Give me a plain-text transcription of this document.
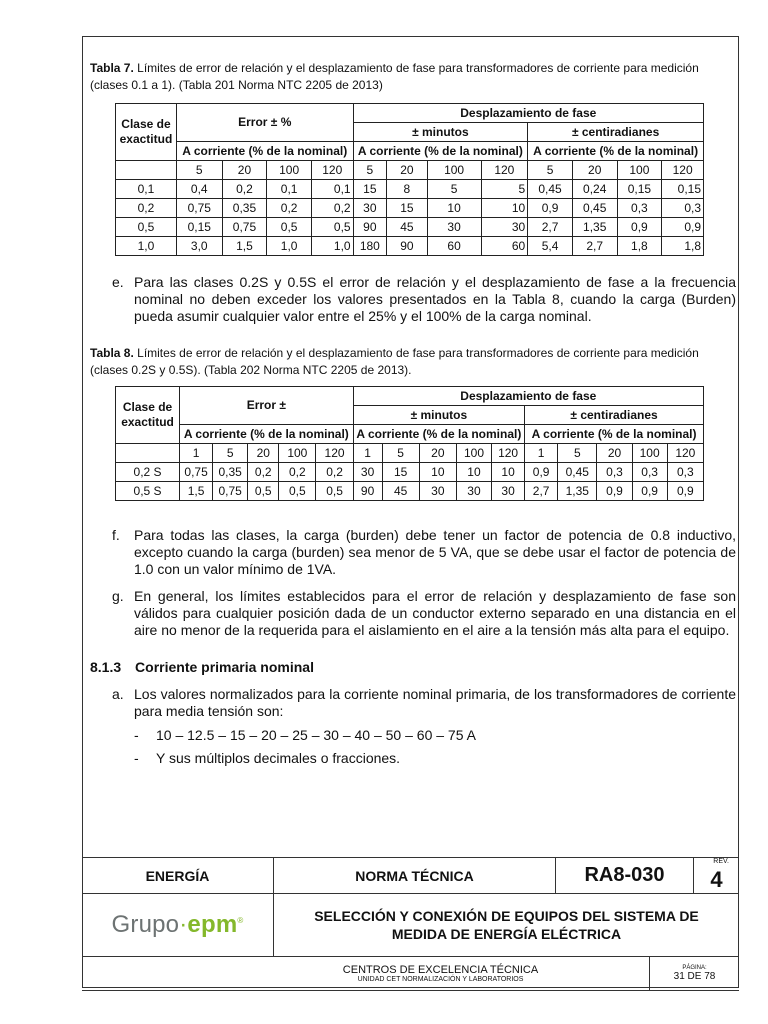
Tabla 7. Límites de error de relación y el desplazamiento de fase para transformadores de corriente para medición (clases 0.1 a 1). (Tabla 201 Norma NTC 2205 de 2013)
Clase de exactitud	Error ± %				Desplazamiento de fase							
					± minutos				± centiradianes			
	A corriente (% de la nominal)				A corriente (% de la nominal)				A corriente (% de la nominal)			
	5	20	100	120	5	20	100	120	5	20	100	120
0,1	0,4	0,2	0,1	0,1	15	8	5	5	0,45	0,24	0,15	0,15
0,2	0,75	0,35	0,2	0,2	30	15	10	10	0,9	0,45	0,3	0,3
0,5	0,15	0,75	0,5	0,5	90	45	30	30	2,7	1,35	0,9	0,9
1,0	3,0	1,5	1,0	1,0	180	90	60	60	5,4	2,7	1,8	1,8

e. Para las clases 0.2S y 0.5S el error de relación y el desplazamiento de fase a la frecuencia nominal no deben exceder los valores presentados en la Tabla 8, cuando la carga (Burden) pueda asumir cualquier valor entre el 25% y el 100% de la carga nominal.

Tabla 8. Límites de error de relación y el desplazamiento de fase para transformadores de corriente para medición (clases 0.2S y 0.5S). (Tabla 202 Norma NTC 2205 de 2013).
Clase de exactitud	Error ±					Desplazamiento de fase									
						± minutos					± centiradianes				
	A corriente (% de la nominal)					A corriente (% de la nominal)					A corriente (% de la nominal)				
	1	5	20	100	120	1	5	20	100	120	1	5	20	100	120
0,2 S	0,75	0,35	0,2	0,2	0,2	30	15	10	10	10	0,9	0,45	0,3	0,3	0,3
0,5 S	1,5	0,75	0,5	0,5	0,5	90	45	30	30	30	2,7	1,35	0,9	0,9	0,9

f. Para todas las clases, la carga (burden) debe tener un factor de potencia de 0.8 inductivo, excepto cuando la carga (burden) sea menor de 5 VA, que se debe usar el factor de potencia de 1.0 con un valor mínimo de 1VA.

g. En general, los límites establecidos para el error de relación y desplazamiento de fase son válidos para cualquier posición dada de un conductor externo separado en una distancia en el aire no menor de la requerida para el aislamiento en el aire a la tensión más alta para el equipo.

8.1.3 Corriente primaria nominal

a. Los valores normalizados para la corriente nominal primaria, de los transformadores de corriente para media tensión son:

- 10 – 12.5 – 15 – 20 – 25 – 30 – 40 – 50 – 60 – 75 A
- Y sus múltiplos decimales o fracciones.
ENERGÍA	NORMA TÉCNICA	RA8-030
REV.
4
Grupo·epm®	SELECCIÓN Y CONEXIÓN DE EQUIPOS DEL SISTEMA DE MEDIDA DE ENERGÍA ELÉCTRICA
CENTROS DE EXCELENCIA TÉCNICA
UNIDAD CET NORMALIZACIÓN Y LABORATORIOS
PÁGINA:
31 DE 78
